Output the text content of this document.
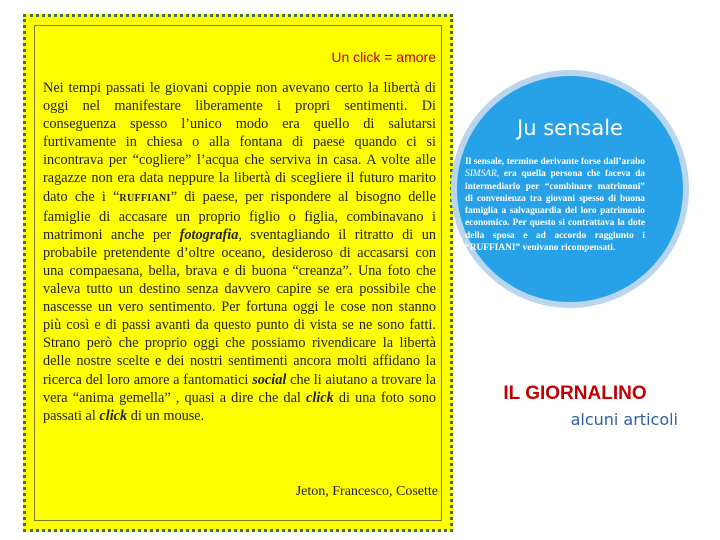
Un click = amore
Nei tempi passati le giovani coppie non avevano certo la libertà di oggi nel manifestare liberamente i propri sentimenti. Di conseguenza spesso l’unico modo era quello di salutarsi furtivamente in chiesa o alla fontana di paese quando ci si incontrava per “cogliere” l’acqua che serviva in casa. A volte alle ragazze non era data neppure la libertà di scegliere il futuro marito dato che i “RUFFIANI” di paese, per rispondere al bisogno delle famiglie di accasare un proprio figlio o figlia, combinavano i matrimoni anche per fotografia, sventagliando il ritratto di un probabile pretendente d’oltre oceano, desideroso di accasarsi con una compaesana, bella, brava e di buona “creanza”. Una foto che valeva tutto un destino senza davvero capire se era possibile che nascesse un vero sentimento. Per fortuna oggi le cose non stanno più così e di passi avanti da questo punto di vista se ne sono fatti. Strano però che proprio oggi che possiamo rivendicare la libertà delle nostre scelte e dei nostri sentimenti ancora molti affidano la ricerca del loro amore a fantomatici social che li aiutano a trovare la vera “anima gemella” , quasi a dire che dal click di una foto sono passati al click di un mouse.
Jeton, Francesco, Cosette
Ju sensale
Il sensale, termine derivante forse dall’arabo SIMSAR, era quella persona che faceva da intermediario per “combinare matrimoni” di convenienza tra giovani spesso di buona famiglia a salvaguardia del loro patrimonio economico. Per questo si contrattava la dote della sposa e ad accordo raggiunto i “RUFFIANI” venivano ricompensati.
IL GIORNALINO
alcuni articoli
